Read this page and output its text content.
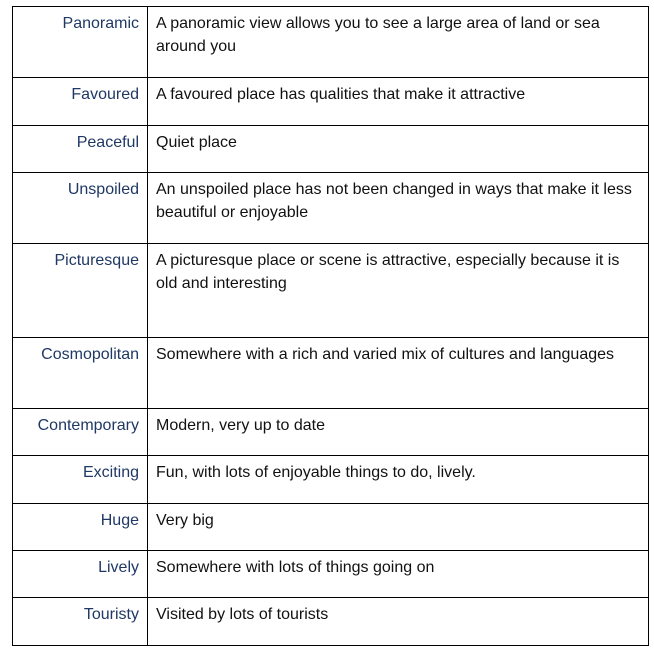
Panoramic	A panoramic view allows you to see a large area of land or sea around you
Favoured	A favoured place has qualities that make it attractive
Peaceful	Quiet place
Unspoiled	An unspoiled place has not been changed in ways that make it less beautiful or enjoyable
Picturesque	A picturesque place or scene is attractive, especially because it is old and interesting
Cosmopolitan	Somewhere with a rich and varied mix of cultures and languages
Contemporary	Modern, very up to date
Exciting	Fun, with lots of enjoyable things to do, lively.
Huge	Very big
Lively	Somewhere with lots of things going on
Touristy	Visited by lots of tourists
